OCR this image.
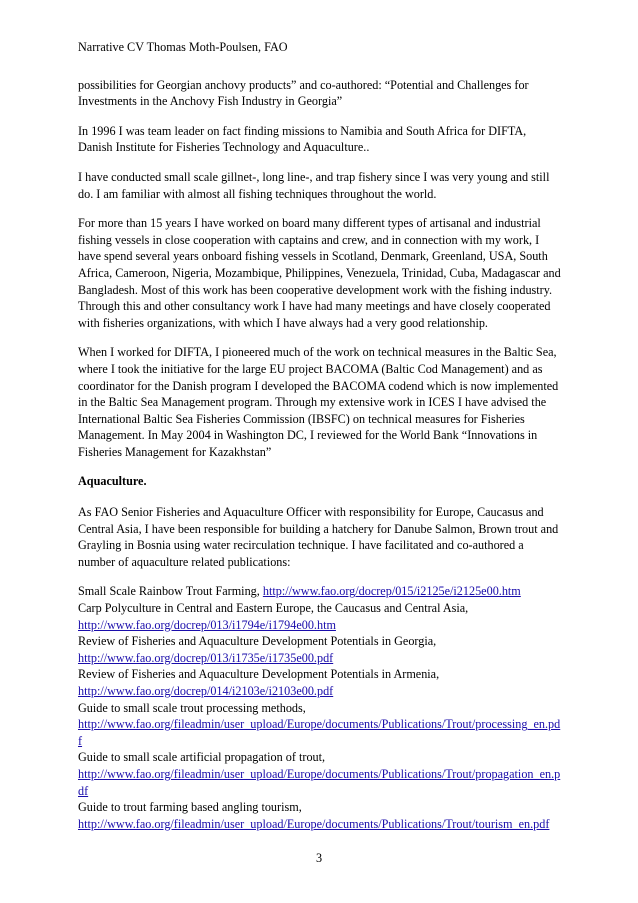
Narrative CV Thomas Moth-Poulsen, FAO

possibilities for Georgian anchovy products” and co-authored: “Potential and Challenges for Investments in the Anchovy Fish Industry in Georgia”

In 1996 I was team leader on fact finding missions to Namibia and South Africa for DIFTA, Danish Institute for Fisheries Technology and Aquaculture..

I have conducted small scale gillnet-, long line-, and trap fishery since I was very young and still do. I am familiar with almost all fishing techniques throughout the world.

For more than 15 years I have worked on board many different types of artisanal and industrial fishing vessels in close cooperation with captains and crew, and in connection with my work, I have spend several years onboard fishing vessels in Scotland, Denmark, Greenland, USA, South Africa, Cameroon, Nigeria, Mozambique, Philippines, Venezuela, Trinidad, Cuba, Madagascar and Bangladesh. Most of this work has been cooperative development work with the fishing industry. Through this and other consultancy work I have had many meetings and have closely cooperated with fisheries organizations, with which I have always had a very good relationship.

When I worked for DIFTA, I pioneered much of the work on technical measures in the Baltic Sea, where I took the initiative for the large EU project BACOMA (Baltic Cod Management) and as coordinator for the Danish program I developed the BACOMA codend which is now implemented in the Baltic Sea Management program. Through my extensive work in ICES I have advised the International Baltic Sea Fisheries Commission (IBSFC) on technical measures for Fisheries Management. In May 2004 in Washington DC, I reviewed for the World Bank “Innovations in Fisheries Management for Kazakhstan”

Aquaculture.

As FAO Senior Fisheries and Aquaculture Officer with responsibility for Europe, Caucasus and Central Asia, I have been responsible for building a hatchery for Danube Salmon, Brown trout and Grayling in Bosnia using water recirculation technique. I have facilitated and co-authored a number of aquaculture related publications:

Small Scale Rainbow Trout Farming, http://www.fao.org/docrep/015/i2125e/i2125e00.htm

Carp Polyculture in Central and Eastern Europe, the Caucasus and Central Asia,
http://www.fao.org/docrep/013/i1794e/i1794e00.htm

Review of Fisheries and Aquaculture Development Potentials in Georgia,
http://www.fao.org/docrep/013/i1735e/i1735e00.pdf

Review of Fisheries and Aquaculture Development Potentials in Armenia,
http://www.fao.org/docrep/014/i2103e/i2103e00.pdf

Guide to small scale trout processing methods,
http://www.fao.org/fileadmin/user_upload/Europe/documents/Publications/Trout/processing_en.pdf

Guide to small scale artificial propagation of trout,
http://www.fao.org/fileadmin/user_upload/Europe/documents/Publications/Trout/propagation_en.pdf

Guide to trout farming based angling tourism,
http://www.fao.org/fileadmin/user_upload/Europe/documents/Publications/Trout/tourism_en.pdf

3
